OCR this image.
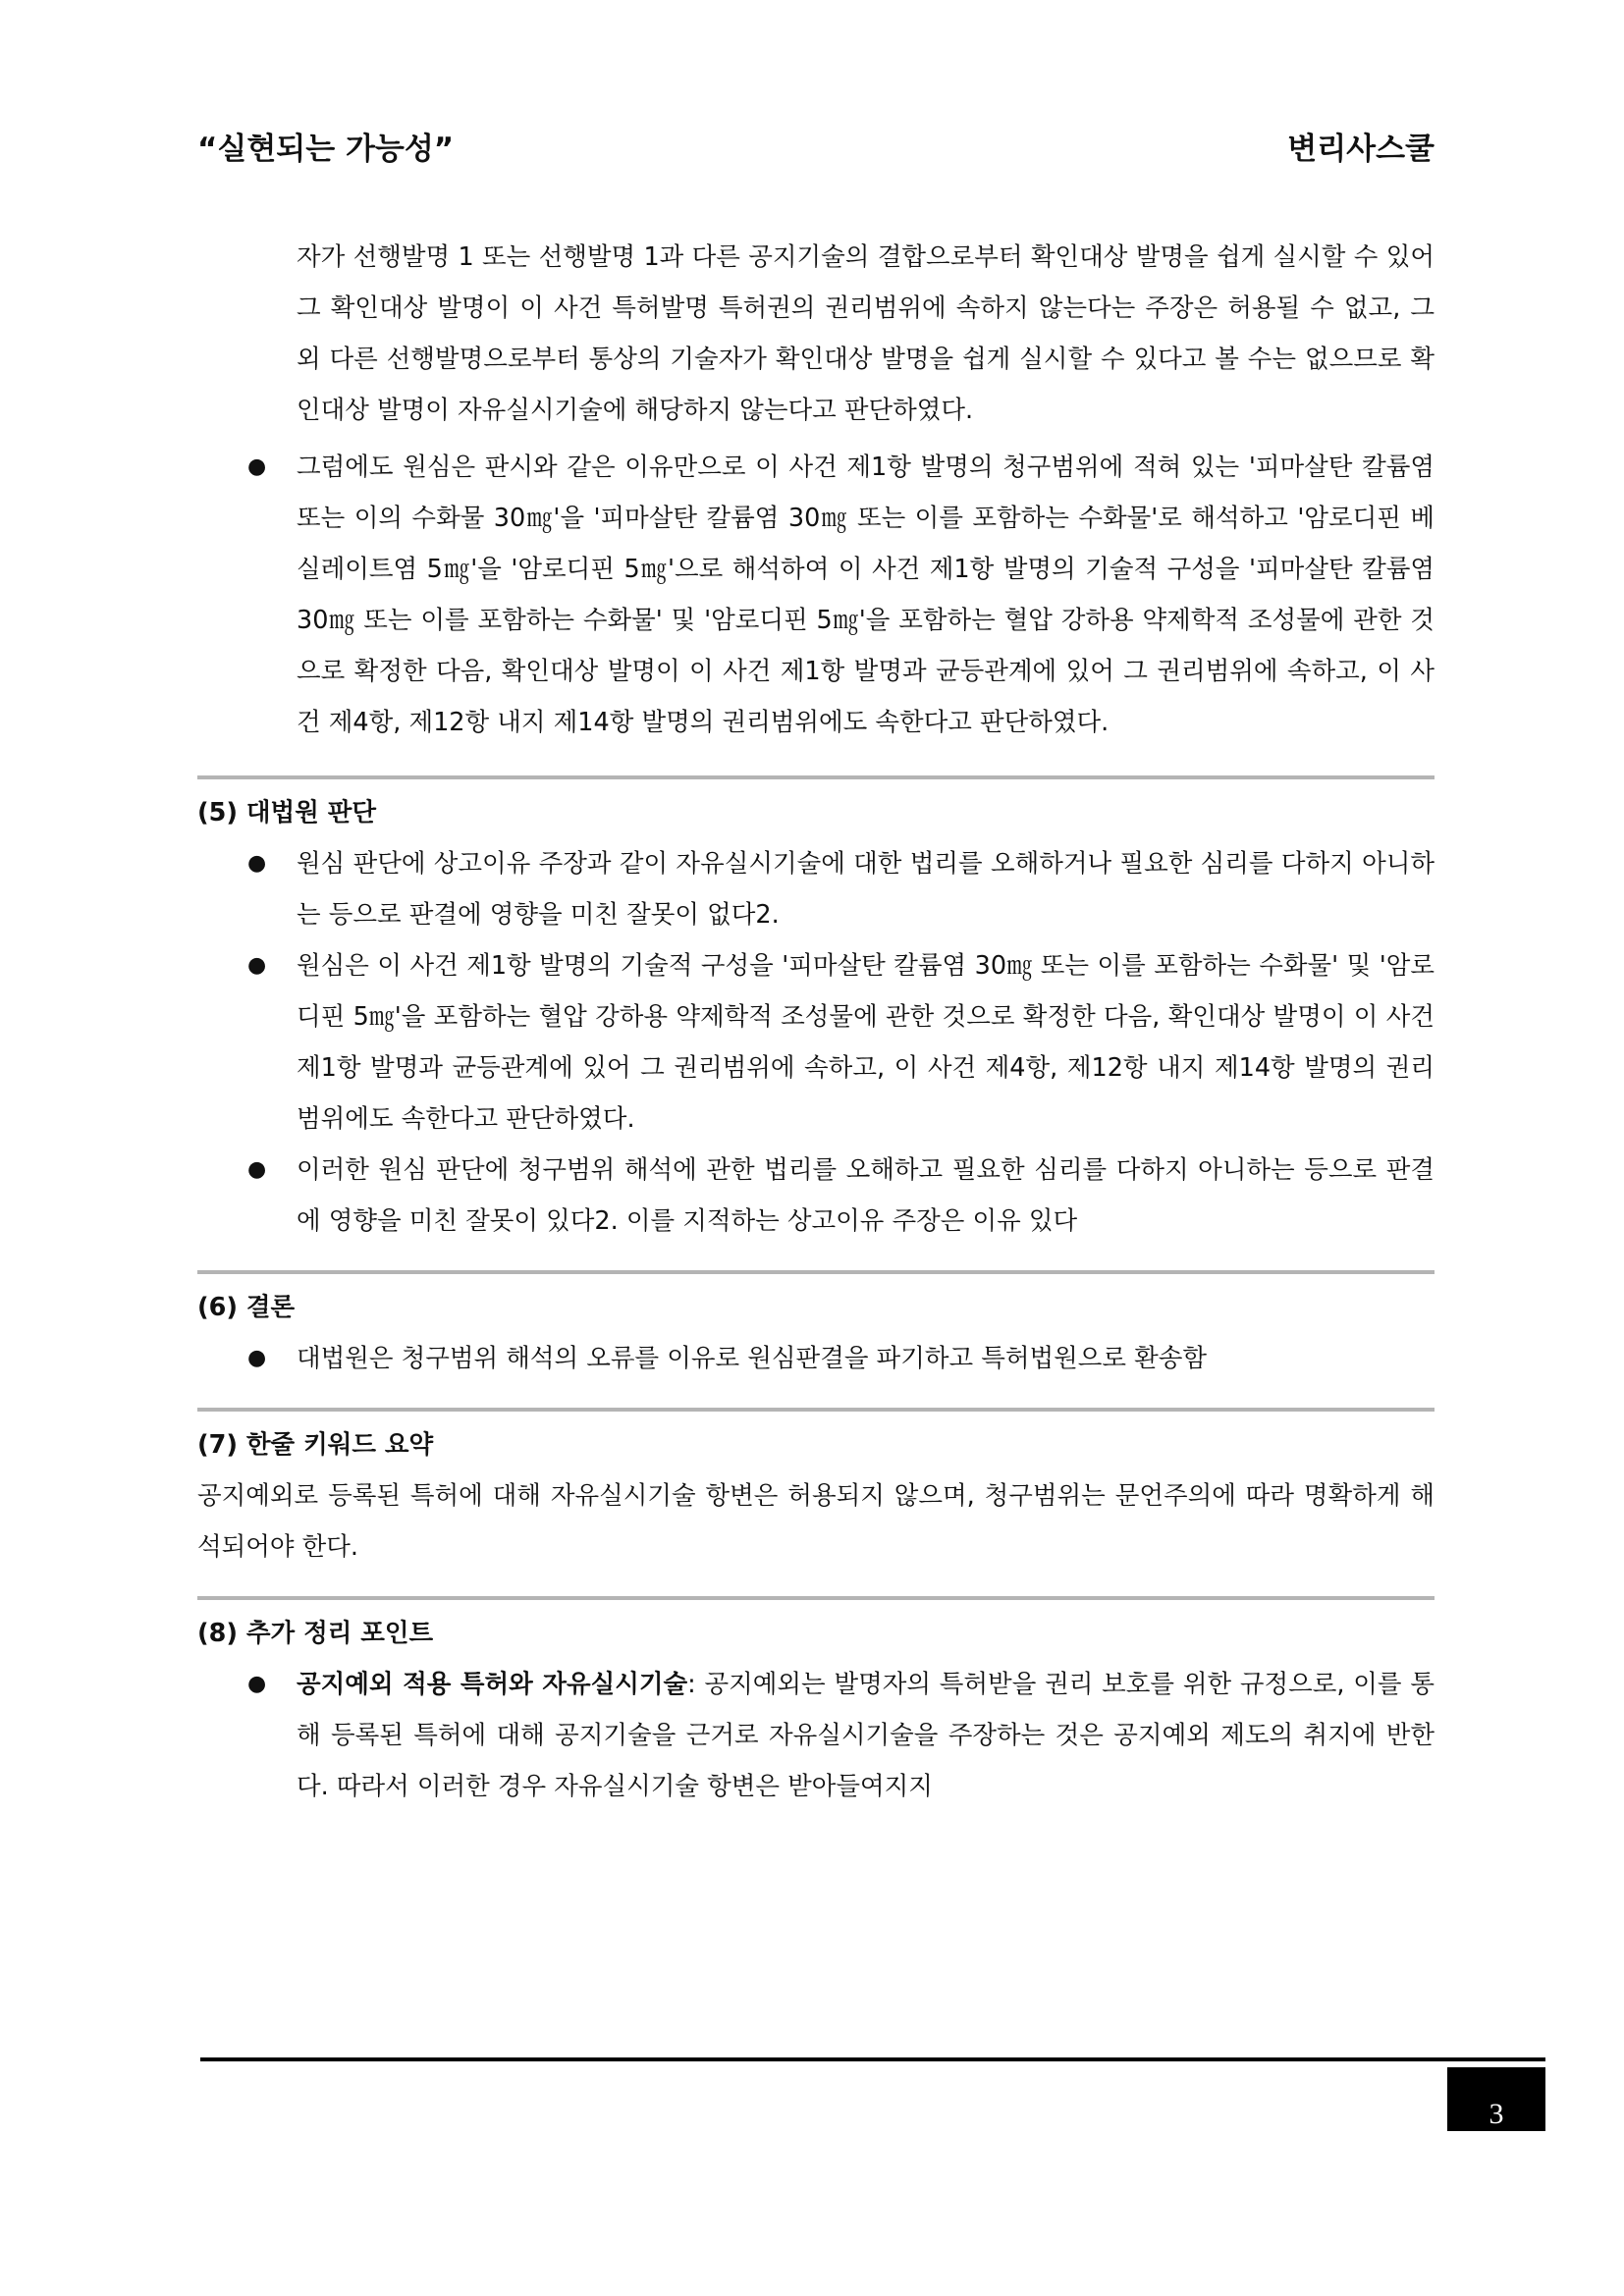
“실현되는 가능성”	변리사스쿨
자가 선행발명 1 또는 선행발명 1과 다른 공지기술의 결합으로부터 확인대상 발명을 쉽게 실시할 수 있어 그 확인대상 발명이 이 사건 특허발명 특허권의 권리범위에 속하지 않는다는 주장은 허용될 수 없고, 그 외 다른 선행발명으로부터 통상의 기술자가 확인대상 발명을 쉽게 실시할 수 있다고 볼 수는 없으므로 확인대상 발명이 자유실시기술에 해당하지 않는다고 판단하였다.
● 그럼에도 원심은 판시와 같은 이유만으로 이 사건 제1항 발명의 청구범위에 적혀 있는 '피마살탄 칼륨염 또는 이의 수화물 30㎎'을 '피마살탄 칼륨염 30㎎ 또는 이를 포함하는 수화물'로 해석하고 '암로디핀 베실레이트염 5㎎'을 '암로디핀 5㎎'으로 해석하여 이 사건 제1항 발명의 기술적 구성을 '피마살탄 칼륨염 30㎎ 또는 이를 포함하는 수화물' 및 '암로디핀 5㎎'을 포함하는 혈압 강하용 약제학적 조성물에 관한 것으로 확정한 다음, 확인대상 발명이 이 사건 제1항 발명과 균등관계에 있어 그 권리범위에 속하고, 이 사건 제4항, 제12항 내지 제14항 발명의 권리범위에도 속한다고 판단하였다.
(5) 대법원 판단
● 원심 판단에 상고이유 주장과 같이 자유실시기술에 대한 법리를 오해하거나 필요한 심리를 다하지 아니하는 등으로 판결에 영향을 미친 잘못이 없다2.
● 원심은 이 사건 제1항 발명의 기술적 구성을 '피마살탄 칼륨염 30㎎ 또는 이를 포함하는 수화물' 및 '암로디핀 5㎎'을 포함하는 혈압 강하용 약제학적 조성물에 관한 것으로 확정한 다음, 확인대상 발명이 이 사건 제1항 발명과 균등관계에 있어 그 권리범위에 속하고, 이 사건 제4항, 제12항 내지 제14항 발명의 권리범위에도 속한다고 판단하였다.
● 이러한 원심 판단에 청구범위 해석에 관한 법리를 오해하고 필요한 심리를 다하지 아니하는 등으로 판결에 영향을 미친 잘못이 있다2. 이를 지적하는 상고이유 주장은 이유 있다
(6) 결론
● 대법원은 청구범위 해석의 오류를 이유로 원심판결을 파기하고 특허법원으로 환송함
(7) 한줄 키워드 요약
공지예외로 등록된 특허에 대해 자유실시기술 항변은 허용되지 않으며, 청구범위는 문언주의에 따라 명확하게 해석되어야 한다.
(8) 추가 정리 포인트
● 공지예외 적용 특허와 자유실시기술: 공지예외는 발명자의 특허받을 권리 보호를 위한 규정으로, 이를 통해 등록된 특허에 대해 공지기술을 근거로 자유실시기술을 주장하는 것은 공지예외 제도의 취지에 반한다. 따라서 이러한 경우 자유실시기술 항변은 받아들여지지
3
